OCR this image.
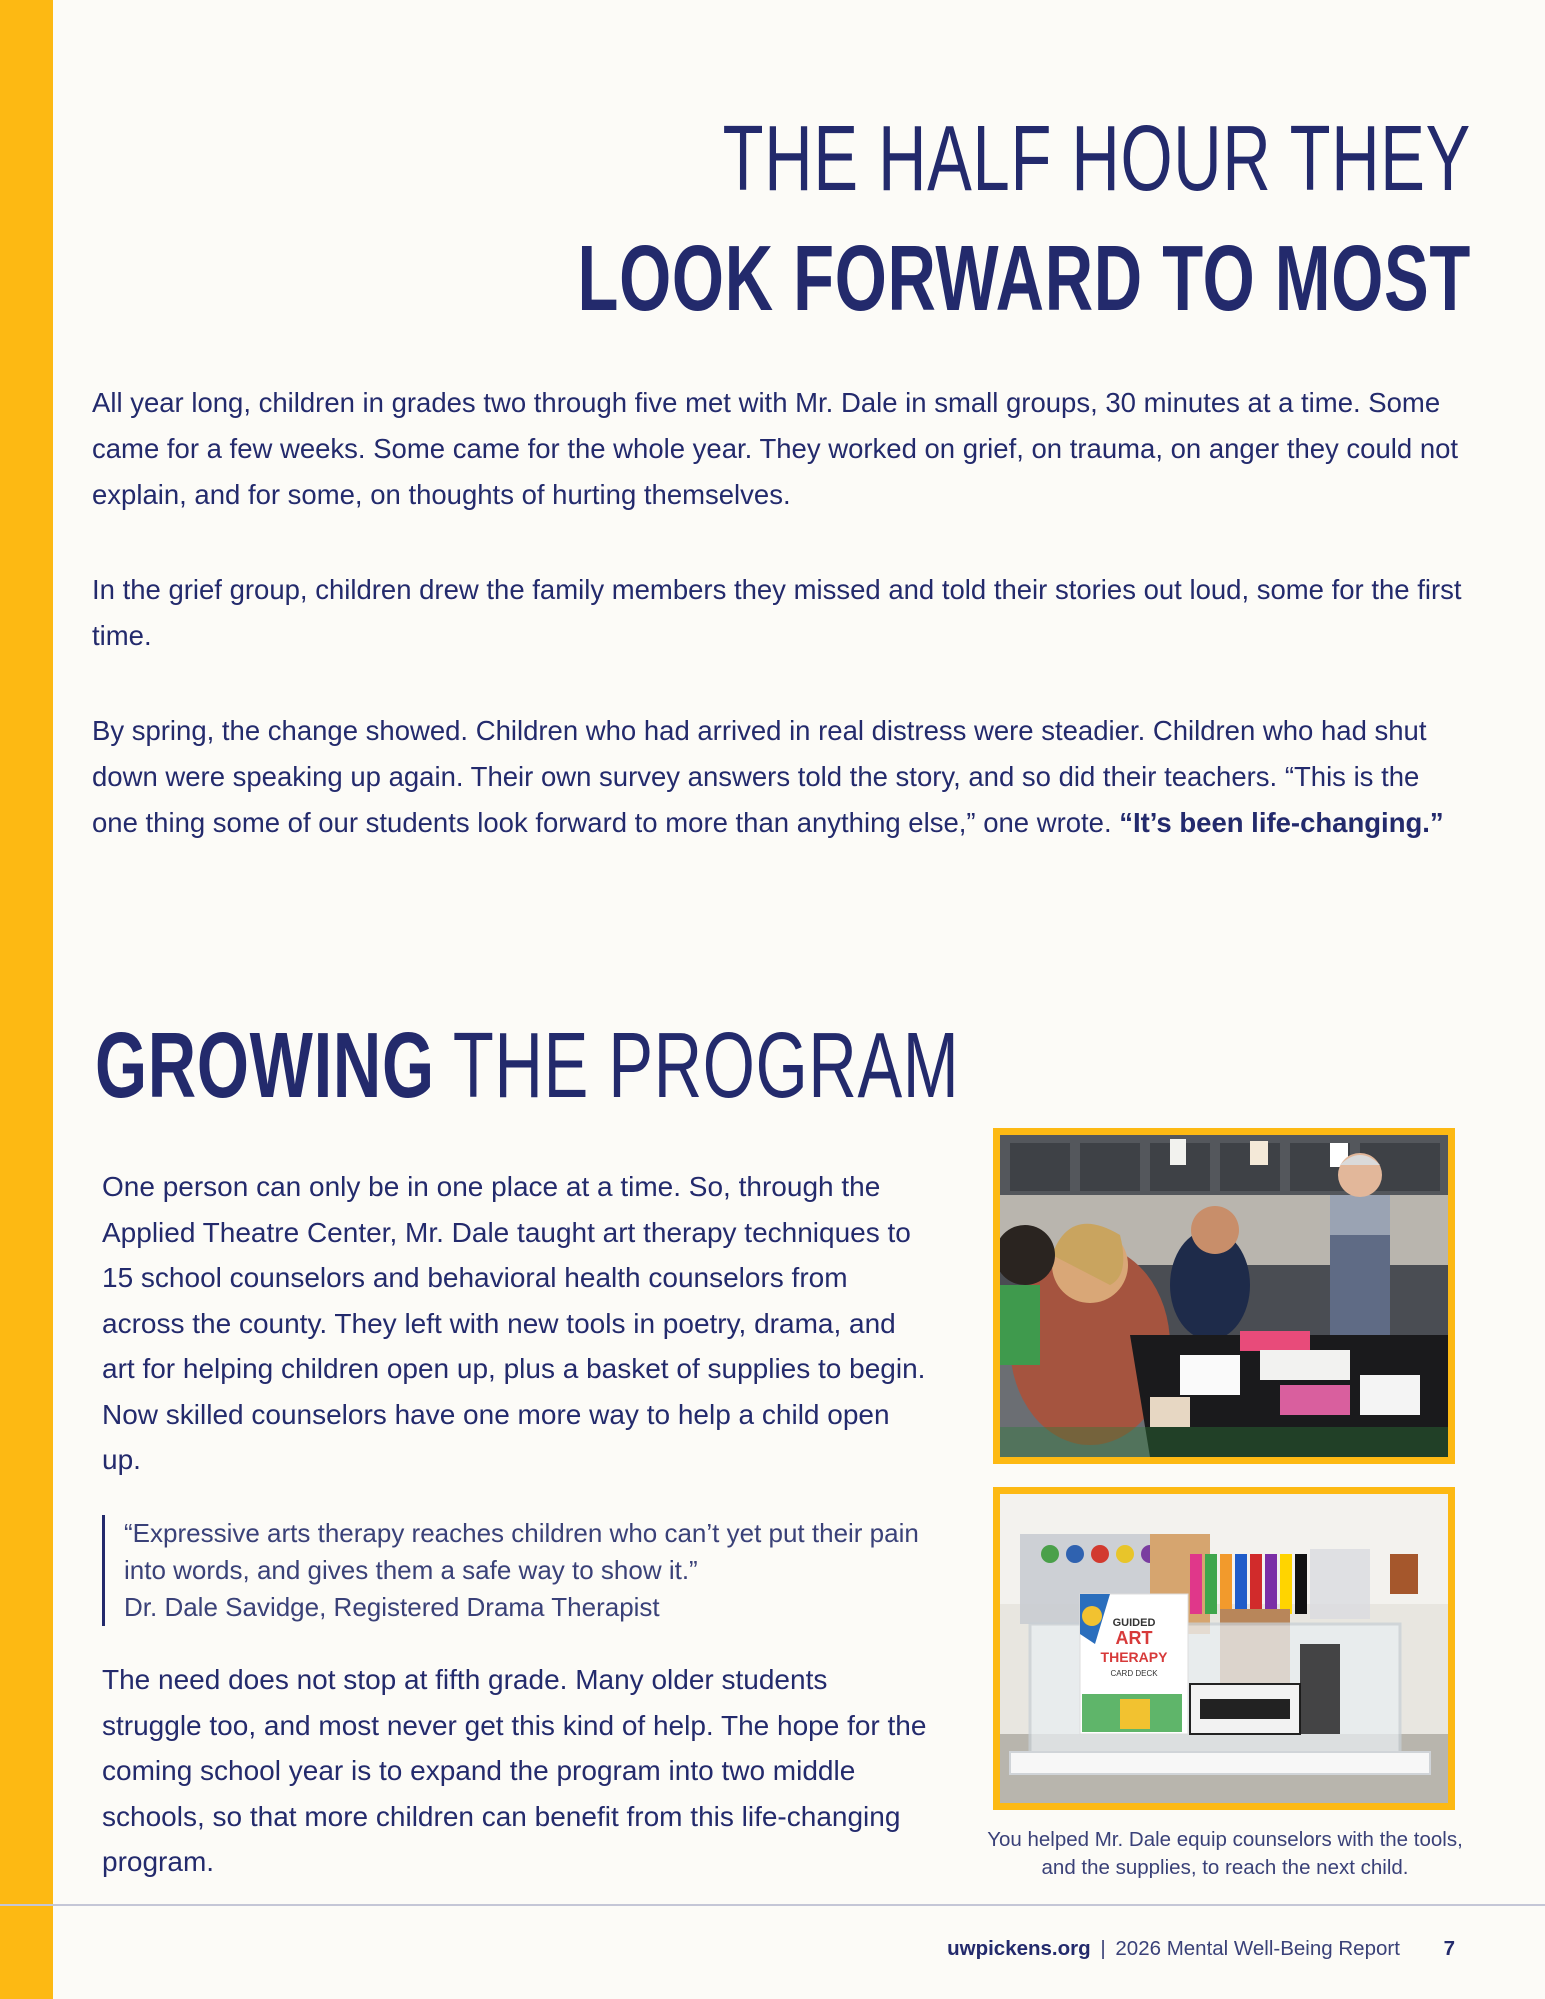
THE HALF HOUR THEY
LOOK FORWARD TO MOST

All year long, children in grades two through five met with Mr. Dale in small groups, 30 minutes at a time. Some came for a few weeks. Some came for the whole year. They worked on grief, on trauma, on anger they could not explain, and for some, on thoughts of hurting themselves.

In the grief group, children drew the family members they missed and told their stories out loud, some for the first time.

By spring, the change showed. Children who had arrived in real distress were steadier. Children who had shut down were speaking up again. Their own survey answers told the story, and so did their teachers. “This is the one thing some of our students look forward to more than anything else,” one wrote. “It’s been life-changing.”

GROWING THE PROGRAM

One person can only be in one place at a time. So, through the Applied Theatre Center, Mr. Dale taught art therapy techniques to 15 school counselors and behavioral health counselors from across the county. They left with new tools in poetry, drama, and art for helping children open up, plus a basket of supplies to begin. Now skilled counselors have one more way to help a child open up.

“Expressive arts therapy reaches children who can’t yet put their pain into words, and gives them a safe way to show it.”

Dr. Dale Savidge, Registered Drama Therapist

The need does not stop at fifth grade. Many older students struggle too, and most never get this kind of help. The hope for the coming school year is to expand the program into two middle schools, so that more children can benefit from this life-changing program.

GUIDED
ART
THERAPY
CARD DECK
You helped Mr. Dale equip counselors with the tools, and the supplies, to reach the next child.
uwpickens.org | 2026 Mental Well-Being Report 7
